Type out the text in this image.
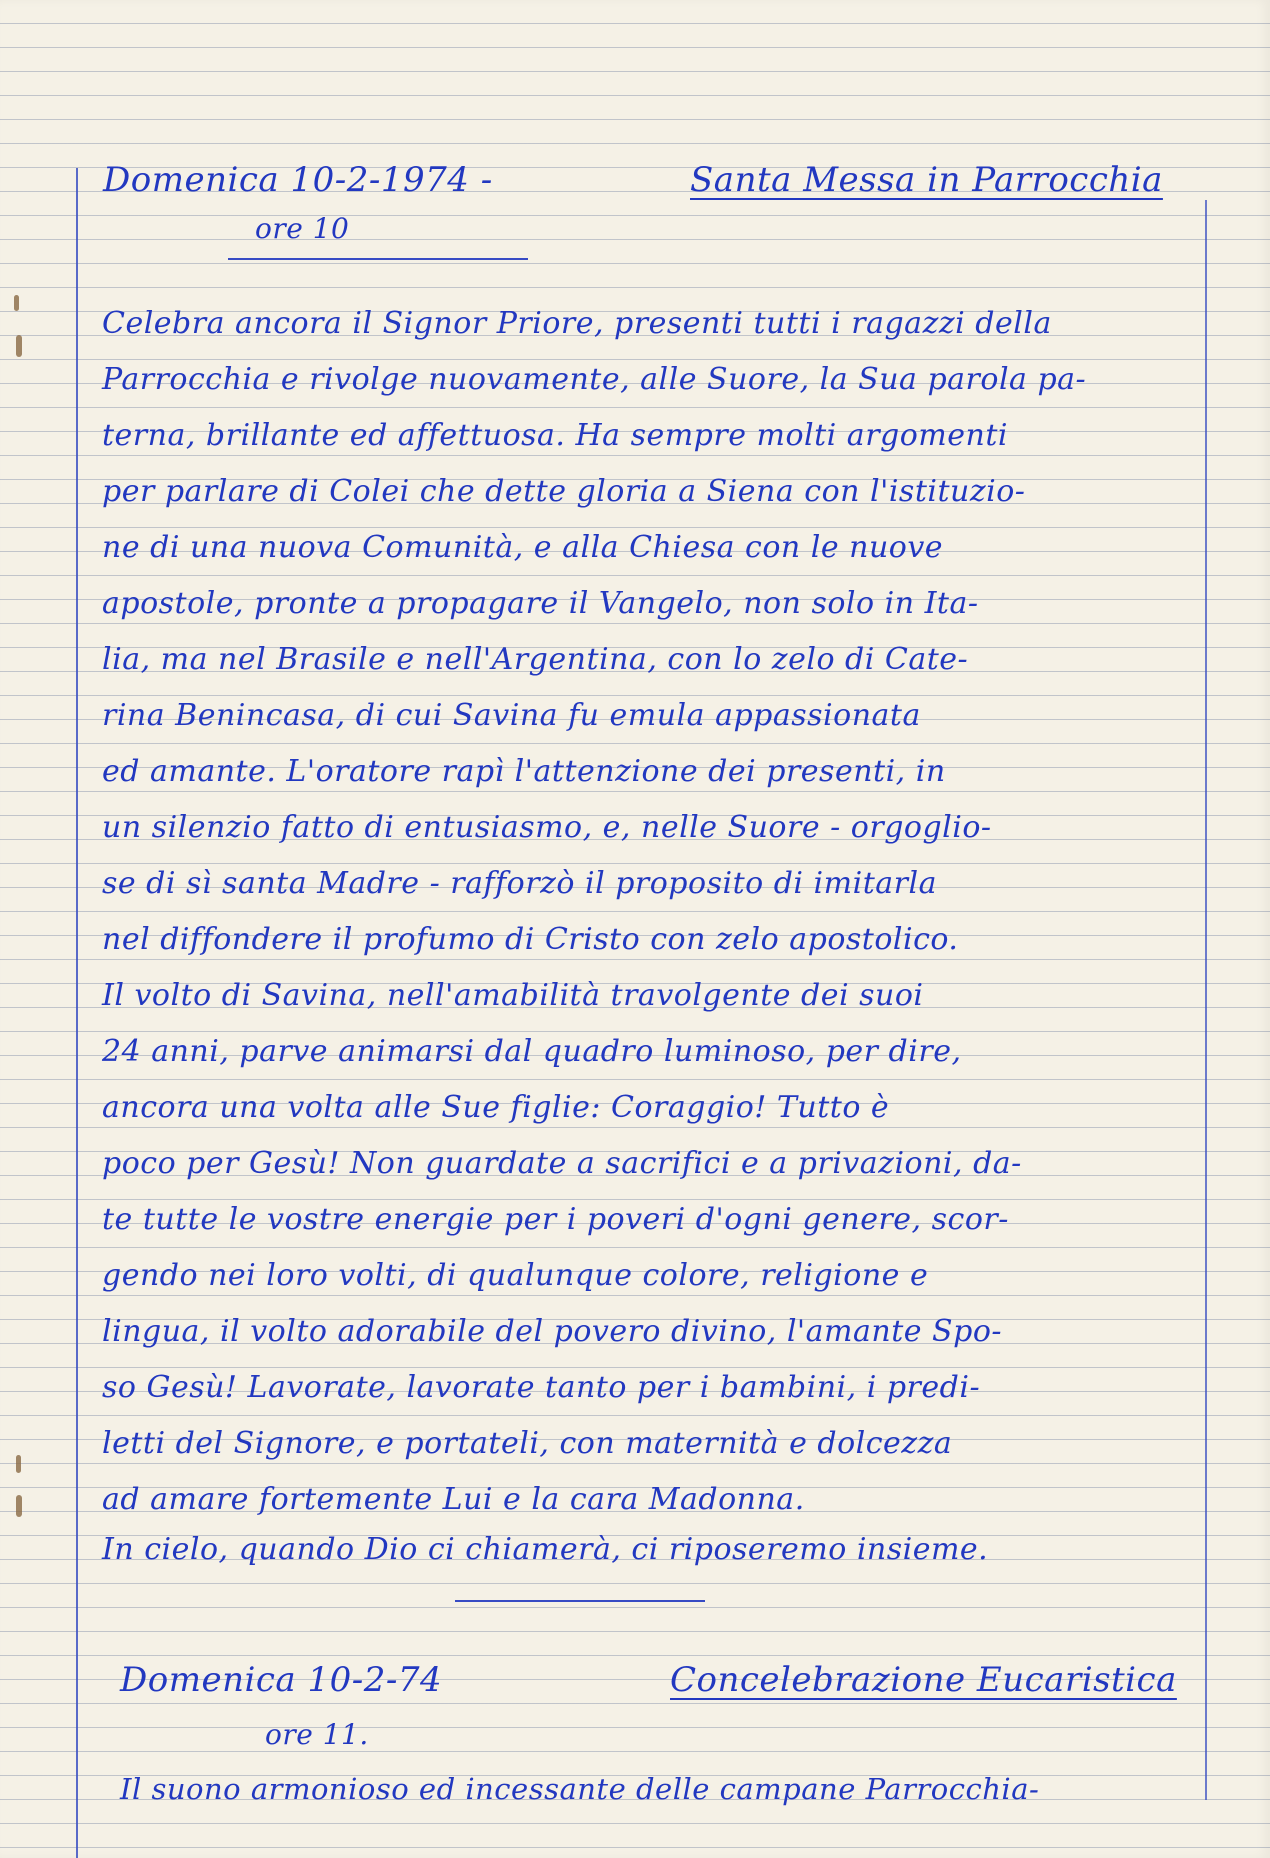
Domenica 10-2-1974 -	Santa Messa in Parrocchia
ore 10
Celebra ancora il Signor Priore, presenti tutti i ragazzi della
Parrocchia e rivolge nuovamente, alle Suore, la Sua parola pa-
terna, brillante ed affettuosa. Ha sempre molti argomenti
per parlare di Colei che dette gloria a Siena con l'istituzio-
ne di una nuova Comunità, e alla Chiesa con le nuove
apostole, pronte a propagare il Vangelo, non solo in Ita-
lia, ma nel Brasile e nell'Argentina, con lo zelo di Cate-
rina Benincasa, di cui Savina fu emula appassionata
ed amante. L'oratore rapì l'attenzione dei presenti, in
un silenzio fatto di entusiasmo, e, nelle Suore - orgoglio-
se di sì santa Madre - rafforzò il proposito di imitarla
nel diffondere il profumo di Cristo con zelo apostolico.
Il volto di Savina, nell'amabilità travolgente dei suoi
24 anni, parve animarsi dal quadro luminoso, per dire,
ancora una volta alle Sue figlie: Coraggio! Tutto è
poco per Gesù! Non guardate a sacrifici e a privazioni, da-
te tutte le vostre energie per i poveri d'ogni genere, scor-
gendo nei loro volti, di qualunque colore, religione e
lingua, il volto adorabile del povero divino, l'amante Spo-
so Gesù! Lavorate, lavorate tanto per i bambini, i predi-
letti del Signore, e portateli, con maternità e dolcezza
ad amare fortemente Lui e la cara Madonna.
In cielo, quando Dio ci chiamerà, ci riposeremo insieme.
Domenica 10-2-74	Concelebrazione Eucaristica
ore 11.
Il suono armonioso ed incessante delle campane Parrocchia-
